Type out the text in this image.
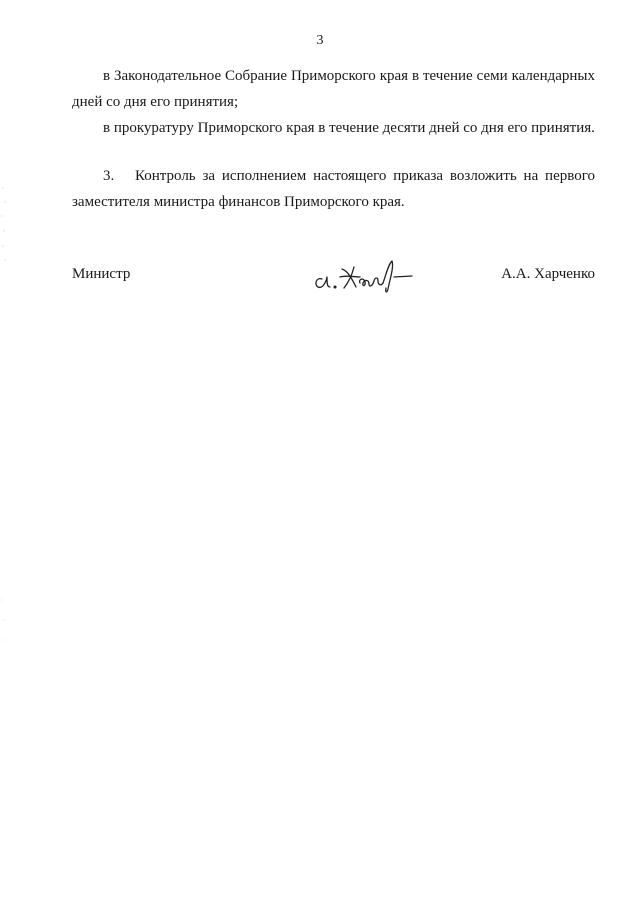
3

в Законодательное Собрание Приморского края в течение семи календарных дней со дня его принятия;

в прокуратуру Приморского края в течение десяти дней со дня его принятия.

3. Контроль за исполнением настоящего приказа возложить на первого заместителя министра финансов Приморского края.

Министр	А.А. Харченко
